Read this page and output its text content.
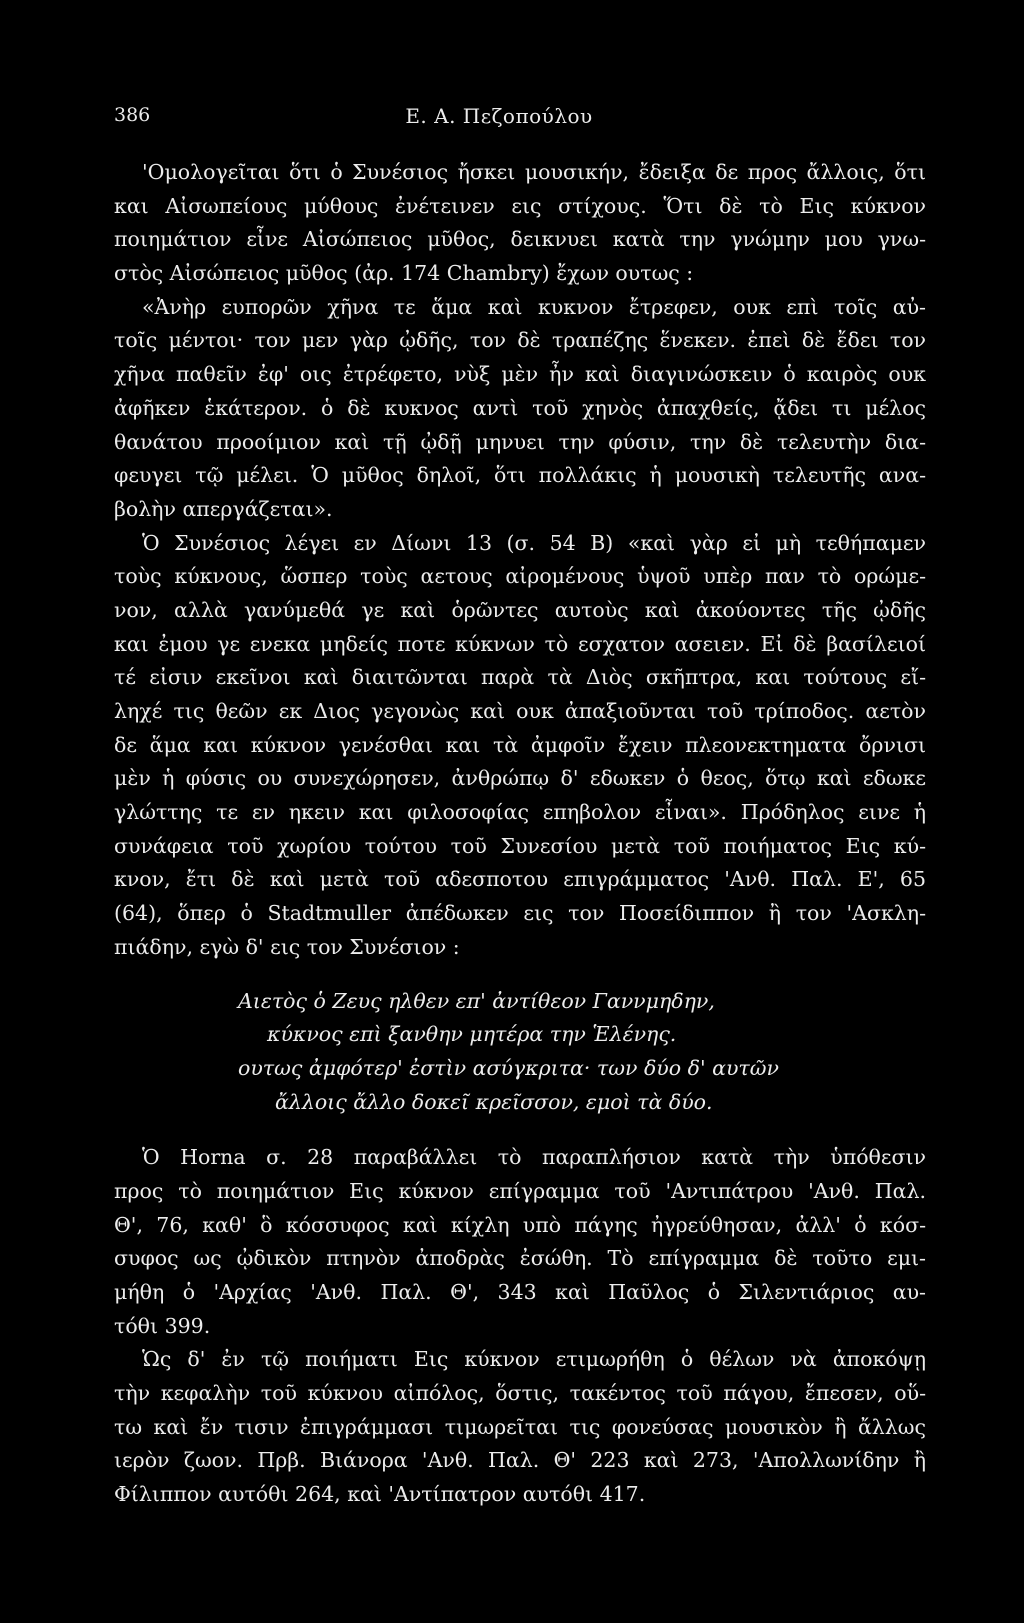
386	Ε. Α. Πεζοπούλου
'Ομολογεῖται ὅτι ὁ Συνέσιος ἤσκει μουσικήν, ἔδειξα δε προς ἄλλοις, ὅτι
και Αἰσωπείους μύθους ἐνέτεινεν εις στίχους. Ὅτι δὲ τὸ Εις κύκνον
ποιημάτιον εἶνε Αἰσώπειος μῦθος, δεικνυει κατὰ την γνώμην μου γνω-
στὸς Αἰσώπειος μῦθος (ἀρ. 174 Chambry) ἔχων ουτως :
«Ἀνὴρ ευπορῶν χῆνα τε ἅμα καὶ κυκνον ἔτρεφεν, ουκ επὶ τοῖς αὐ-
τοῖς μέντοι· τον μεν γὰρ ᾠδῆς, τον δὲ τραπέζης ἕνεκεν. ἐπεὶ δὲ ἔδει τον
χῆνα παθεῖν ἐφ' οις ἐτρέφετο, νὺξ μὲν ἦν καὶ διαγινώσκειν ὁ καιρὸς ουκ
ἀφῆκεν ἑκάτερον. ὁ δὲ κυκνος αντὶ τοῦ χηνὸς ἀπαχθείς, ᾄδει τι μέλος
θανάτου προοίμιον καὶ τῇ ᾠδῇ μηνυει την φύσιν, την δὲ τελευτὴν δια-
φευγει τῷ μέλει. Ὁ μῦθος δηλοῖ, ὅτι πολλάκις ἡ μουσικὴ τελευτῆς ανα-
βολὴν απεργάζεται».
Ὁ Συνέσιος λέγει εν Δίωνι 13 (σ. 54 Β) «καὶ γὰρ εἰ μὴ τεθήπαμεν
τοὺς κύκνους, ὥσπερ τοὺς αετους αἰρομένους ὑψοῦ υπὲρ παν τὸ ορώμε-
νον, αλλὰ γανύμεθά γε καὶ ὁρῶντες αυτοὺς καὶ ἀκούοντες τῆς ᾠδῆς
και ἐμου γε ενεκα μηδείς ποτε κύκνων τὸ εσχατον ασειεν. Εἰ δὲ βασίλειοί
τέ εἰσιν εκεῖνοι καὶ διαιτῶνται παρὰ τὰ Διὸς σκῆπτρα, και τούτους εἴ-
ληχέ τις θεῶν εκ Διος γεγονὼς καὶ ουκ ἀπαξιοῦνται τοῦ τρίποδος. αετὸν
δε ἅμα και κύκνον γενέσθαι και τὰ ἀμφοῖν ἔχειν πλεονεκτηματα ὄρνισι
μὲν ἡ φύσις ου συνεχώρησεν, ἀνθρώπῳ δ' εδωκεν ὁ θεος, ὅτῳ καὶ εδωκε
γλώττης τε εν ηκειν και φιλοσοφίας επηβολον εἶναι». Πρόδηλος εινε ἡ
συνάφεια τοῦ χωρίου τούτου τοῦ Συνεσίου μετὰ τοῦ ποιήματος Εις κύ-
κνον, ἔτι δὲ καὶ μετὰ τοῦ αδεσποτου επιγράμματος 'Ανθ. Παλ. Ε', 65
(64), ὅπερ ὁ Stadtmuller ἀπέδωκεν εις τον Ποσείδιππον ἢ τον 'Ασκλη-
πιάδην, εγὼ δ' εις τον Συνέσιον :
Αιετὸς ὁ Ζευς ηλθεν επ' ἀντίθεον Γαννμηδην,
κύκνος επὶ ξανθην μητέρα την Ἑλένης.
ουτως ἀμφότερ' ἐστὶν ασύγκριτα· των δύο δ' αυτῶν
ἄλλοις ἄλλο δοκεῖ κρεῖσσον, εμοὶ τὰ δύο.
Ὁ Horna σ. 28 παραβάλλει τὸ παραπλήσιον κατὰ τὴν ὑπόθεσιν
προς τὸ ποιημάτιον Εις κύκνον επίγραμμα τοῦ 'Αντιπάτρου 'Ανθ. Παλ.
Θ', 76, καθ' ὃ κόσσυφος καὶ κίχλη υπὸ πάγης ἠγρεύθησαν, ἀλλ' ὁ κόσ-
συφος ως ᾠδικὸν πτηνὸν ἀποδρὰς ἐσώθη. Τὸ επίγραμμα δὲ τοῦτο εμι-
μήθη ὁ 'Αρχίας 'Ανθ. Παλ. Θ', 343 καὶ Παῦλος ὁ Σιλεντιάριος αυ-
τόθι 399.
Ὡς δ' ἐν τῷ ποιήματι Εις κύκνον ετιμωρήθη ὁ θέλων νὰ ἀποκόψῃ
τὴν κεφαλὴν τοῦ κύκνου αἰπόλος, ὅστις, τακέντος τοῦ πάγου, ἔπεσεν, οὕ-
τω καὶ ἔν τισιν ἐπιγράμμασι τιμωρεῖται τις φονεύσας μουσικὸν ἢ ἄλλως
ιερὸν ζωον. Πρβ. Βιάνορα 'Ανθ. Παλ. Θ' 223 καὶ 273, 'Απολλωνίδην ἢ
Φίλιππον αυτόθι 264, καὶ 'Αντίπατρον αυτόθι 417.
